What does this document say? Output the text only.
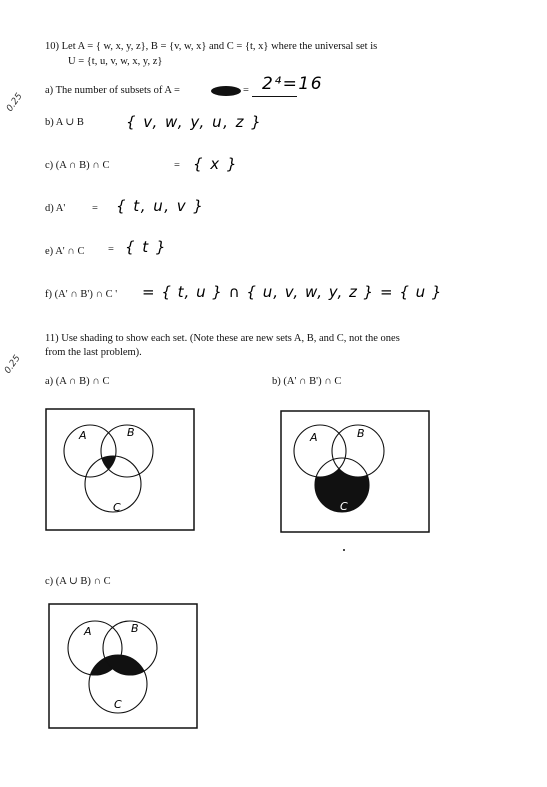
0.25
0.25
10) Let A = { w, x, y, z}, B = {v, w, x} and C = {t, x} where the universal set is
U = {t, u, v, w, x, y, z}
a) The number of subsets of A =	= 2⁴=16
b) A ∪ B	{ v, w, y, u, z }
c) (A ∩ B) ∩ C	= { x }
d) A'	= { t, u, v }
e) A' ∩ C = { t }
f) (A' ∩ B') ∩ C ' = { t, u } ∩ { u, v, w, y, z } = { u }
11) Use shading to show each set. (Note these are new sets A, B, and C, not the ones
from the last problem).
a) (A ∩ B) ∩ C	b) (A' ∩ B') ∩ C
c) (A ∪ B) ∩ C
A	B
C
A	B
C
A	B
C
